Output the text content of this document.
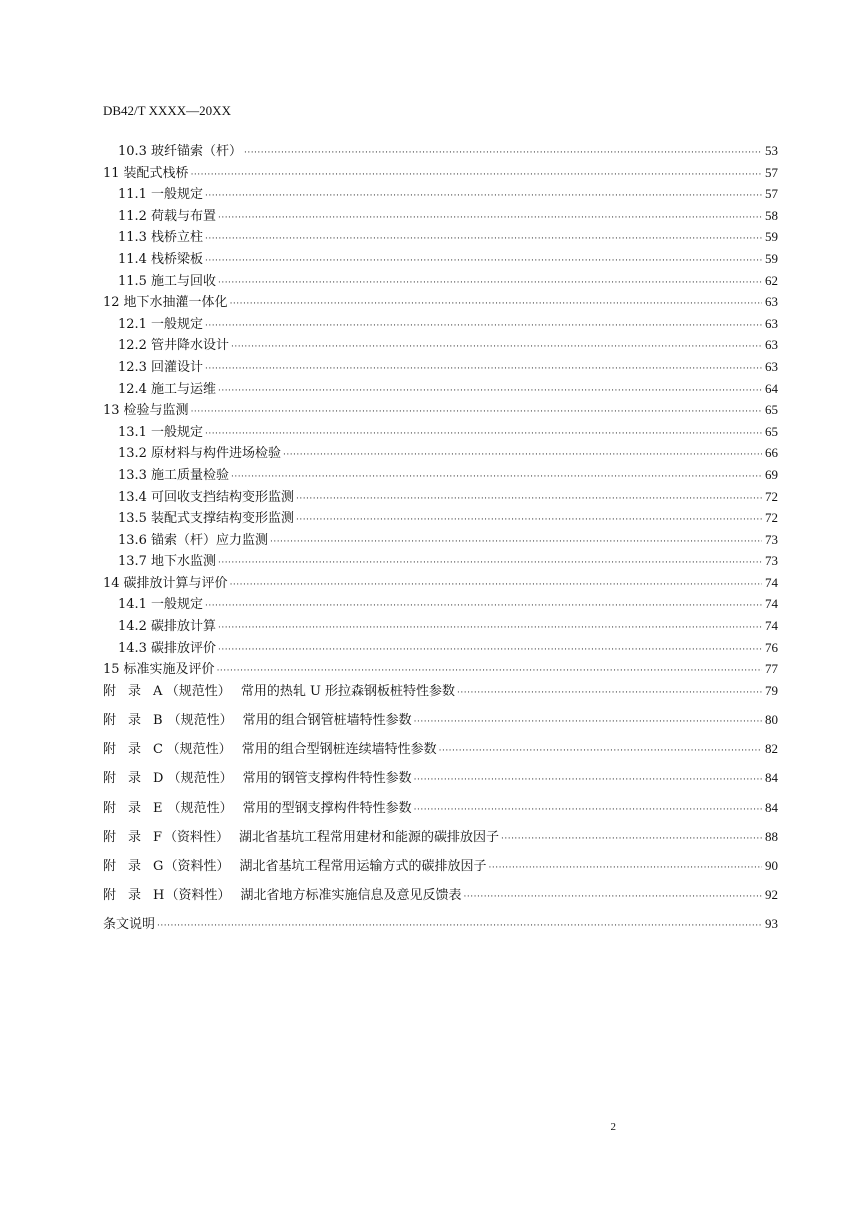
DB42/T XXXX—20XX
10.3 玻纤锚索（杆） ·····	53
11 装配式栈桥 ·····	57
11.1 一般规定 ·····	57
11.2 荷载与布置 ·····	58
11.3 栈桥立柱 ·····	59
11.4 栈桥梁板 ·····	59
11.5 施工与回收 ·····	62
12 地下水抽灌一体化 ·····	63
12.1 一般规定 ·····	63
12.2 管井降水设计 ·····	63
12.3 回灌设计 ·····	63
12.4 施工与运维 ·····	64
13 检验与监测 ·····	65
13.1 一般规定 ·····	65
13.2 原材料与构件进场检验 ·····	66
13.3 施工质量检验 ·····	69
13.4 可回收支挡结构变形监测 ·····	72
13.5 装配式支撑结构变形监测 ·····	72
13.6 锚索（杆）应力监测 ·····	73
13.7 地下水监测 ·····	73
14 碳排放计算与评价 ·····	74
14.1 一般规定 ·····	74
14.2 碳排放计算 ·····	74
14.3 碳排放评价 ·····	76
15 标准实施及评价 ·····	77
附 录 A （规范性） 常用的热轧 U 形拉森钢板桩特性参数 ·····	79
附 录 B （规范性） 常用的组合钢管桩墙特性参数 ·····	80
附 录 C （规范性） 常用的组合型钢桩连续墙特性参数 ·····	82
附 录 D （规范性） 常用的钢管支撑构件特性参数 ·····	84
附 录 E （规范性） 常用的型钢支撑构件特性参数 ·····	84
附 录 F （资料性） 湖北省基坑工程常用建材和能源的碳排放因子 ·····	88
附 录 G （资料性） 湖北省基坑工程常用运输方式的碳排放因子 ·····	90
附 录 H （资料性） 湖北省地方标准实施信息及意见反馈表 ·····	92
条文说明 ·····	93
2
